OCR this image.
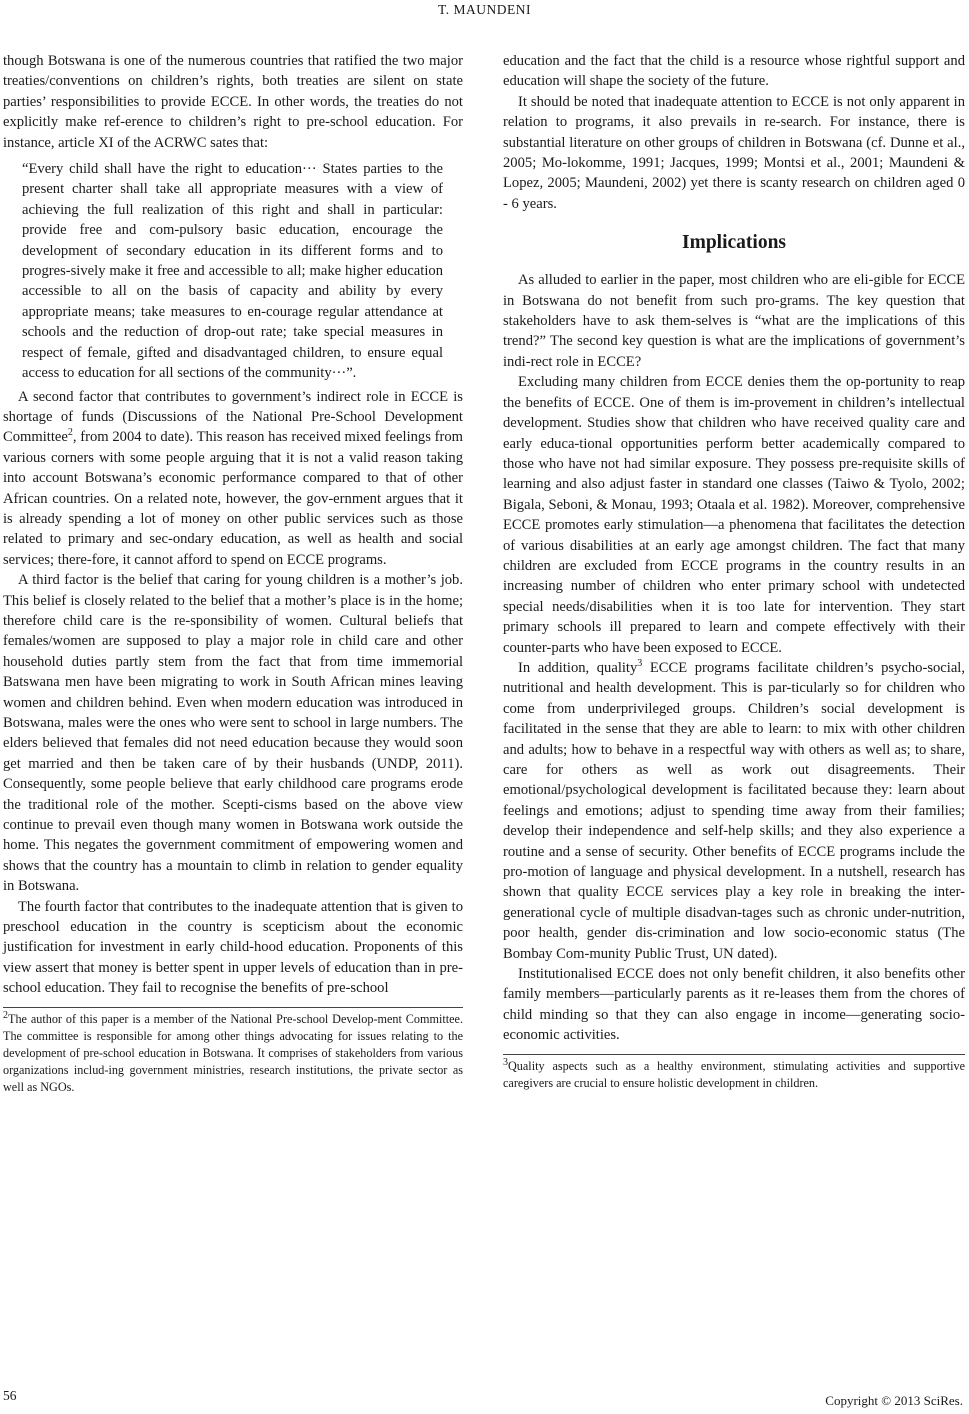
T. MAUNDENI

though Botswana is one of the numerous countries that ratified the two major treaties/conventions on children’s rights, both treaties are silent on state parties’ responsibilities to provide ECCE. In other words, the treaties do not explicitly make ref-erence to children’s right to pre-school education. For instance, article XI of the ACRWC sates that:

“Every child shall have the right to education··· States parties to the present charter shall take all appropriate measures with a view of achieving the full realization of this right and shall in particular: provide free and com-pulsory basic education, encourage the development of secondary education in its different forms and to progres-sively make it free and accessible to all; make higher education accessible to all on the basis of capacity and ability by every appropriate means; take measures to en-courage regular attendance at schools and the reduction of drop-out rate; take special measures in respect of female, gifted and disadvantaged children, to ensure equal access to education for all sections of the community···”.

A second factor that contributes to government’s indirect role in ECCE is shortage of funds (Discussions of the National Pre-School Development Committee$^2$, from 2004 to date). This reason has received mixed feelings from various corners with some people arguing that it is not a valid reason taking into account Botswana’s economic performance compared to that of other African countries. On a related note, however, the gov-ernment argues that it is already spending a lot of money on other public services such as those related to primary and sec-ondary education, as well as health and social services; there-fore, it cannot afford to spend on ECCE programs.

A third factor is the belief that caring for young children is a mother’s job. This belief is closely related to the belief that a mother’s place is in the home; therefore child care is the re-sponsibility of women. Cultural beliefs that females/women are supposed to play a major role in child care and other household duties partly stem from the fact that from time immemorial Batswana men have been migrating to work in South African mines leaving women and children behind. Even when modern education was introduced in Botswana, males were the ones who were sent to school in large numbers. The elders believed that females did not need education because they would soon get married and then be taken care of by their husbands (UNDP, 2011). Consequently, some people believe that early childhood care programs erode the traditional role of the mother. Scepti-cisms based on the above view continue to prevail even though many women in Botswana work outside the home. This negates the government commitment of empowering women and shows that the country has a mountain to climb in relation to gender equality in Botswana.

The fourth factor that contributes to the inadequate attention that is given to preschool education in the country is scepticism about the economic justification for investment in early child-hood education. Proponents of this view assert that money is better spent in upper levels of education than in pre-school education. They fail to recognise the benefits of pre-school

$^2$The author of this paper is a member of the National Pre-school Develop-ment Committee. The committee is responsible for among other things advocating for issues relating to the development of pre-school education in Botswana. It comprises of stakeholders from various organizations includ-ing government ministries, research institutions, the private sector as well as NGOs.

education and the fact that the child is a resource whose rightful support and education will shape the society of the future.

It should be noted that inadequate attention to ECCE is not only apparent in relation to programs, it also prevails in re-search. For instance, there is substantial literature on other groups of children in Botswana (cf. Dunne et al., 2005; Mo-lokomme, 1991; Jacques, 1999; Montsi et al., 2001; Maundeni & Lopez, 2005; Maundeni, 2002) yet there is scanty research on children aged 0 - 6 years.

Implications

As alluded to earlier in the paper, most children who are eli-gible for ECCE in Botswana do not benefit from such pro-grams. The key question that stakeholders have to ask them-selves is “what are the implications of this trend?” The second key question is what are the implications of government’s indi-rect role in ECCE?

Excluding many children from ECCE denies them the op-portunity to reap the benefits of ECCE. One of them is im-provement in children’s intellectual development. Studies show that children who have received quality care and early educa-tional opportunities perform better academically compared to those who have not had similar exposure. They possess pre-requisite skills of learning and also adjust faster in standard one classes (Taiwo & Tyolo, 2002; Bigala, Seboni, & Monau, 1993; Otaala et al. 1982). Moreover, comprehensive ECCE promotes early stimulation—a phenomena that facilitates the detection of various disabilities at an early age amongst children. The fact that many children are excluded from ECCE programs in the country results in an increasing number of children who enter primary school with undetected special needs/disabilities when it is too late for intervention. They start primary schools ill prepared to learn and compete effectively with their counter-parts who have been exposed to ECCE.

In addition, quality$^3$ ECCE programs facilitate children’s psycho-social, nutritional and health development. This is par-ticularly so for children who come from underprivileged groups. Children’s social development is facilitated in the sense that they are able to learn: to mix with other children and adults; how to behave in a respectful way with others as well as; to share, care for others as well as work out disagreements. Their emotional/psychological development is facilitated because they: learn about feelings and emotions; adjust to spending time away from their families; develop their independence and self-help skills; and they also experience a routine and a sense of security. Other benefits of ECCE programs include the pro-motion of language and physical development. In a nutshell, research has shown that quality ECCE services play a key role in breaking the inter-generational cycle of multiple disadvan-tages such as chronic under-nutrition, poor health, gender dis-crimination and low socio-economic status (The Bombay Com-munity Public Trust, UN dated).

Institutionalised ECCE does not only benefit children, it also benefits other family members—particularly parents as it re-leases them from the chores of child minding so that they can also engage in income—generating socio-economic activities.

$^3$Quality aspects such as a healthy environment, stimulating activities and supportive caregivers are crucial to ensure holistic development in children.

56	Copyright © 2013 SciRes.
